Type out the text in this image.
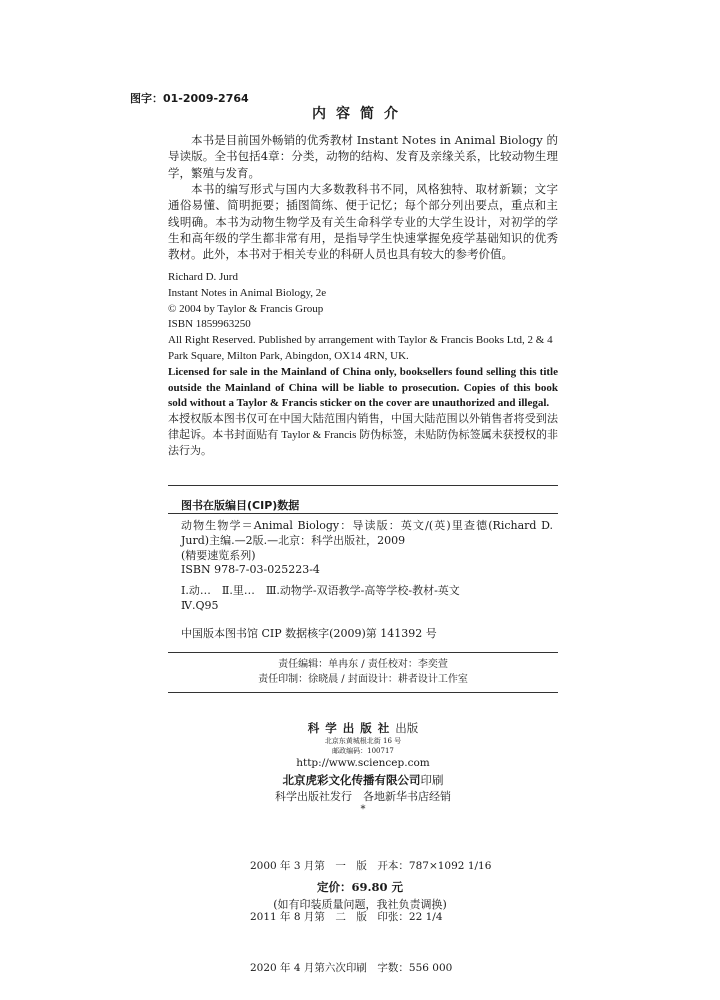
图字：01-2009-2764
内容简介

本书是目前国外畅销的优秀教材 Instant Notes in Animal Biology 的导读版。全书包括4章：分类，动物的结构、发育及亲缘关系，比较动物生理学，繁殖与发育。

本书的编写形式与国内大多数教科书不同，风格独特、取材新颖；文字通俗易懂、简明扼要；插图简练、便于记忆；每个部分列出要点，重点和主线明确。本书为动物生物学及有关生命科学专业的大学生设计，对初学的学生和高年级的学生都非常有用，是指导学生快速掌握免疫学基础知识的优秀教材。此外，本书对于相关专业的科研人员也具有较大的参考价值。

Richard D. Jurd
Instant Notes in Animal Biology, 2e
© 2004 by Taylor & Francis Group
ISBN 1859963250
All Right Reserved. Published by arrangement with Taylor & Francis Books Ltd, 2 & 4 Park Square, Milton Park, Abingdon, OX14 4RN, UK.
Licensed for sale in the Mainland of China only, booksellers found selling this title outside the Mainland of China will be liable to prosecution. Copies of this book sold without a Taylor & Francis sticker on the cover are unauthorized and illegal.
本授权版本图书仅可在中国大陆范围内销售，中国大陆范围以外销售者将受到法律起诉。本书封面贴有 Taylor & Francis 防伪标签，未贴防伪标签属未获授权的非法行为。
图书在版编目(CIP)数据
动物生物学＝Animal Biology：导读版：英文/(英)里查德(Richard D. Jurd)主编.—2版.—北京：科学出版社，2009
(精要速览系列)
ISBN 978-7-03-025223-4
Ⅰ.动…　Ⅱ.里…　Ⅲ.动物学-双语教学-高等学校-教材-英文
Ⅳ.Q95
中国版本图书馆 CIP 数据核字(2009)第 141392 号
责任编辑：单冉东 / 责任校对：李奕萱
责任印制：徐晓晨 / 封面设计：耕者设计工作室
科学出版社出版
北京东黄城根北街 16 号
邮政编码：100717
http://www.sciencep.com
北京虎彩文化传播有限公司印刷
科学出版社发行　各地新华书店经销
*

2000 年 3 月第　一　版　开本：787×1092 1/16

2011 年 8 月第　二　版　印张：22 1/4

2020 年 4 月第六次印刷　字数：556 000

定价：69.80 元
(如有印装质量问题，我社负责调换)
